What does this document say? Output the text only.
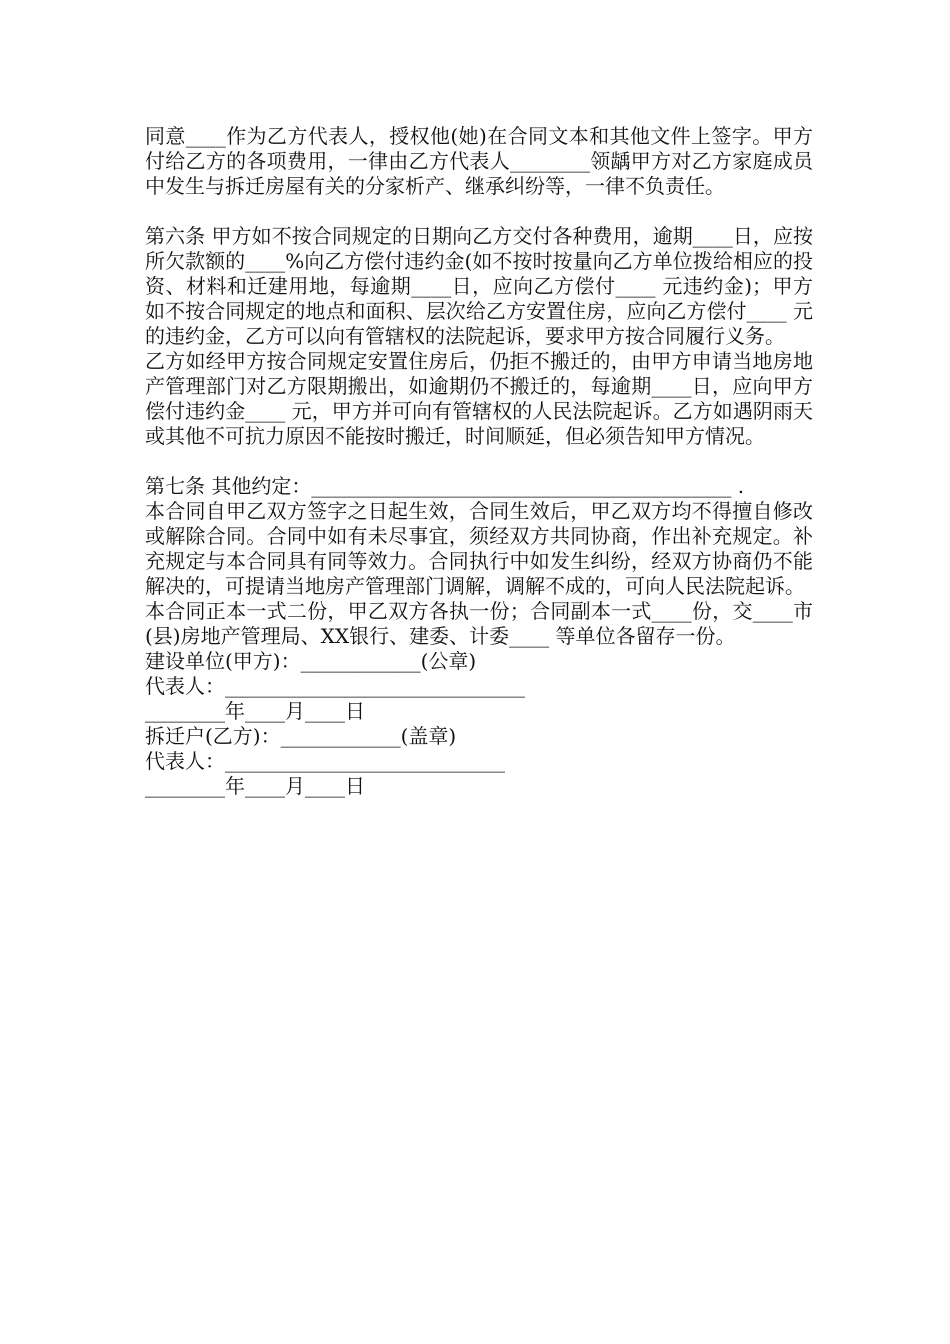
同意____作为乙方代表人，授权他(她)在合同文本和其他文件上签字。甲方付给乙方的各项费用，一律由乙方代表人________领龋甲方对乙方家庭成员中发生与拆迁房屋有关的分家析产、继承纠纷等，一律不负责任。

第六条 甲方如不按合同规定的日期向乙方交付各种费用，逾期____日，应按所欠款额的____%向乙方偿付违约金(如不按时按量向乙方单位拨给相应的投资、材料和迁建用地，每逾期____日，应向乙方偿付____ 元违约金)；甲方如不按合同规定的地点和面积、层次给乙方安置住房，应向乙方偿付____ 元的违约金，乙方可以向有管辖权的法院起诉，要求甲方按合同履行义务。

乙方如经甲方按合同规定安置住房后，仍拒不搬迁的，由甲方申请当地房地产管理部门对乙方限期搬出，如逾期仍不搬迁的，每逾期____日，应向甲方偿付违约金____ 元，甲方并可向有管辖权的人民法院起诉。乙方如遇阴雨天或其他不可抗力原因不能按时搬迁，时间顺延，但必须告知甲方情况。

第七条 其他约定：__________________________________________ .

本合同自甲乙双方签字之日起生效，合同生效后，甲乙双方均不得擅自修改或解除合同。合同中如有未尽事宜，须经双方共同协商，作出补充规定。补充规定与本合同具有同等效力。合同执行中如发生纠纷，经双方协商仍不能解决的，可提请当地房产管理部门调解，调解不成的，可向人民法院起诉。

本合同正本一式二份，甲乙双方各执一份；合同副本一式____份，交____市(县)房地产管理局、XX银行、建委、计委____ 等单位各留存一份。

建设单位(甲方)：____________(公章)

代表人：______________________________

________年____月____日

拆迁户(乙方)：____________(盖章)

代表人：____________________________

________年____月____日
